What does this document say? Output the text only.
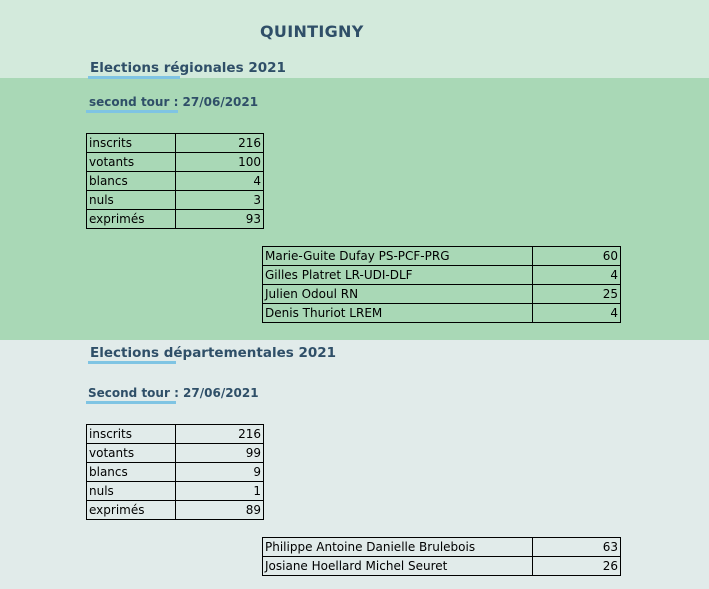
QUINTIGNY
Elections régionales 2021
second tour : 27/06/2021
inscrits	216
votants	100
blancs	4
nuls	3
exprimés	93
Marie-Guite Dufay PS-PCF-PRG	60
Gilles Platret LR-UDI-DLF	4
Julien Odoul RN	25
Denis Thuriot LREM	4
Elections départementales 2021
Second tour : 27/06/2021
inscrits	216
votants	99
blancs	9
nuls	1
exprimés	89
Philippe Antoine Danielle Brulebois	63
Josiane Hoellard Michel Seuret	26
